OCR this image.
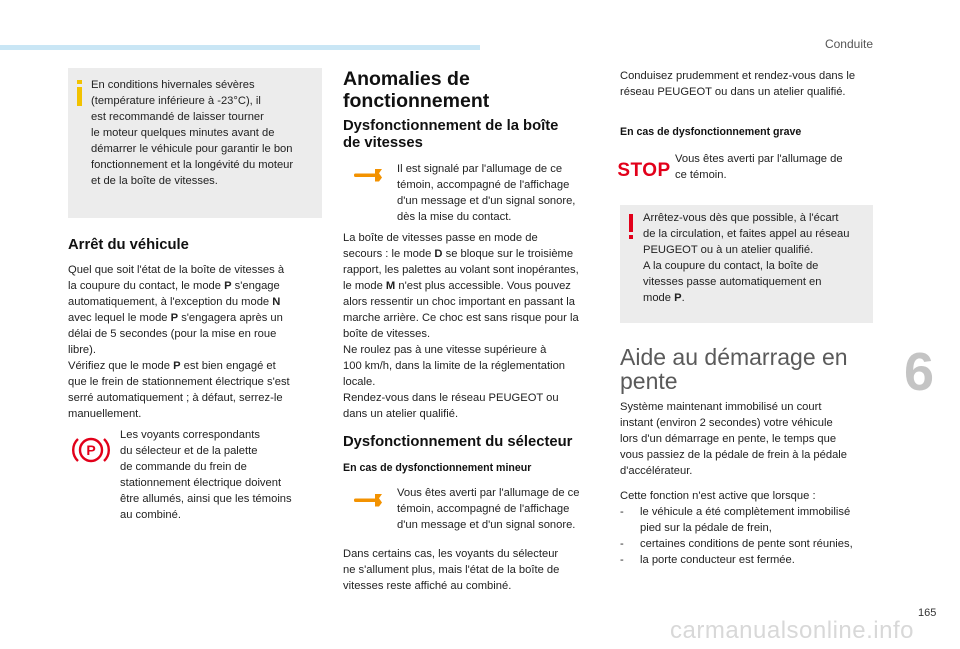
Conduite

En conditions hivernales sévères

(température inférieure à -23°C), il

est recommandé de laisser tourner

le moteur quelques minutes avant de

démarrer le véhicule pour garantir le bon

fonctionnement et la longévité du moteur

et de la boîte de vitesses.

Arrêt du véhicule

Quel que soit l'état de la boîte de vitesses à

la coupure du contact, le mode P s'engage

automatiquement, à l'exception du mode N

avec lequel le mode P s'engagera après un

délai de 5 secondes (pour la mise en roue

libre).

Vérifiez que le mode P est bien engagé et

que le frein de stationnement électrique s'est

serré automatiquement ; à défaut, serrez-le

manuellement.

P

Les voyants correspondants

du sélecteur et de la palette

de commande du frein de

stationnement électrique doivent

être allumés, ainsi que les témoins

au combiné.

Anomalies de

fonctionnement

Dysfonctionnement de la boîte

de vitesses

Il est signalé par l'allumage de ce

témoin, accompagné de l'affichage

d'un message et d'un signal sonore,

dès la mise du contact.

La boîte de vitesses passe en mode de

secours : le mode D se bloque sur le troisième

rapport, les palettes au volant sont inopérantes,

le mode M n'est plus accessible. Vous pouvez

alors ressentir un choc important en passant la

marche arrière. Ce choc est sans risque pour la

boîte de vitesses.

Ne roulez pas à une vitesse supérieure à

100 km/h, dans la limite de la réglementation

locale.

Rendez-vous dans le réseau PEUGEOT ou

dans un atelier qualifié.

Dysfonctionnement du sélecteur
En cas de dysfonctionnement mineur

Vous êtes averti par l'allumage de ce

témoin, accompagné de l'affichage

d'un message et d'un signal sonore.

Dans certains cas, les voyants du sélecteur

ne s'allument plus, mais l'état de la boîte de

vitesses reste affiché au combiné.

Conduisez prudemment et rendez-vous dans le

réseau PEUGEOT ou dans un atelier qualifié.

En cas de dysfonctionnement grave
STOP

Vous êtes averti par l'allumage de

ce témoin.

Arrêtez-vous dès que possible, à l'écart

de la circulation, et faites appel au réseau

PEUGEOT ou à un atelier qualifié.

A la coupure du contact, la boîte de

vitesses passe automatiquement en

mode P.

Aide au démarrage en

pente

Système maintenant immobilisé un court

instant (environ 2 secondes) votre véhicule

lors d'un démarrage en pente, le temps que

vous passiez de la pédale de frein à la pédale

d'accélérateur.

Cette fonction n'est active que lorsque :

- le véhicule a été complètement immobilisé
pied sur la pédale de frein,
- certaines conditions de pente sont réunies,
- la porte conducteur est fermée.
6
165
carmanualsonline.info
